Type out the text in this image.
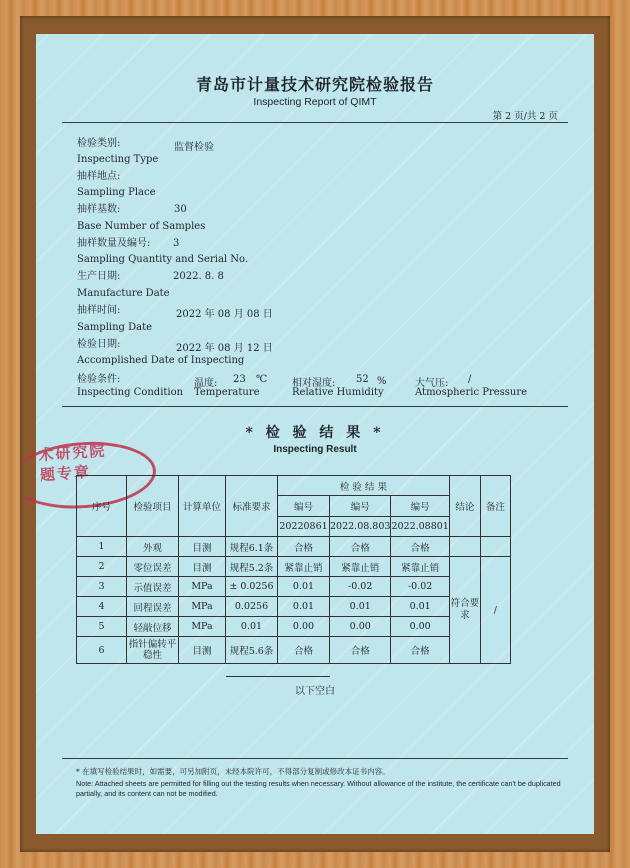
青岛市计量技术研究院检验报告
Inspecting Report of QIMT
第 2 页/共 2 页
检验类别:	监督检验
Inspecting Type
抽样地点:
Sampling Place
抽样基数:	30
Base Number of Samples
抽样数量及编号: 3
Sampling Quantity and Serial No.
生产日期:	2022. 8. 8
Manufacture Date
抽样时间:	2022 年 08 月 08 日
Sampling Date
检验日期:	2022 年 08 月 12 日
Accomplished Date of Inspecting
检验条件:
Inspecting Condition
温度: 23 ℃
Temperature
相对湿度: 52 %
Relative Humidity
大气压: /
Atmospheric Pressure
* 检 验 结 果 *
Inspecting Result
术研究院
题专章
序号	检验项目	计算单位	标准要求	检 验 结 果			结论	备注
				编号	编号	编号		
				20220861	2022.08.803	2022.08801		
1	外观	目测	规程6.1条	合格	合格	合格		
2	零位误差	目测	规程5.2条	紧靠止销	紧靠止销	紧靠止销	符合要求	/
3	示值误差	MPa	± 0.0256	0.01	-0.02	-0.02		
4	回程误差	MPa	0.0256	0.01	0.01	0.01		
5	轻敲位移	MPa	0.01	0.00	0.00	0.00		
6	指针偏转平稳性	目测	规程5.6条	合格	合格	合格		
以下空白
* 在填写检验结果时，如需要，可另加附页，未经本院许可，不得部分复制或修改本证书内容。
Note: Attached sheets are permitted for filling out the testing results when necessary. Without allowance of the institute, the certificate can't be duplicated partially, and its content can not be modified.
